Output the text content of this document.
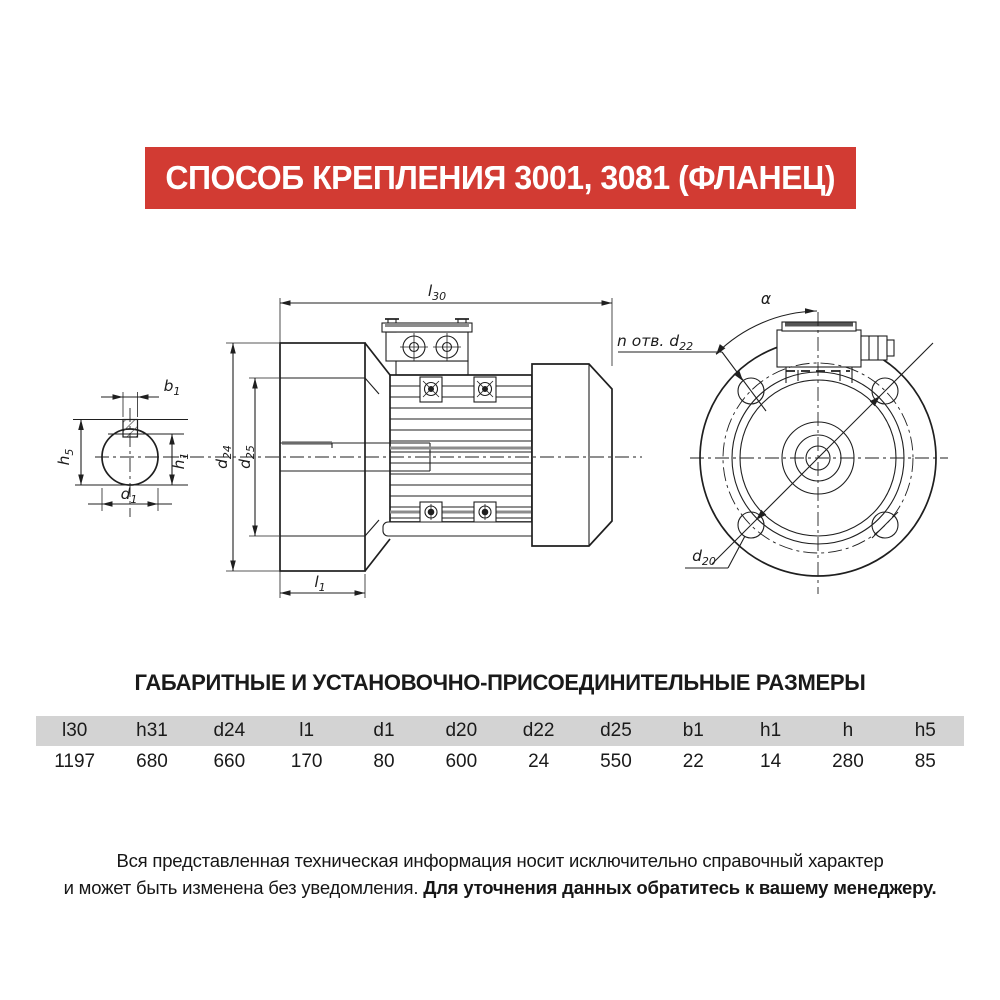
СПОСОБ КРЕПЛЕНИЯ 3001, 3081 (ФЛАНЕЦ)
$b_1$
$h_5$
$h_1$
$d_1$
$l_{30}$
$d_{24}$
$d_{25}$
$l_1$
α
n отв. $d_{22}$
$d_{20}$
ГАБАРИТНЫЕ И УСТАНОВОЧНО-ПРИСОЕДИНИТЕЛЬНЫЕ РАЗМЕРЫ
l30	h31	d24	l1	d1	d20	d22	d25	b1	h1	h	h5
1197	680	660	170	80	600	24	550	22	14	280	85
Вся представленная техническая информация носит исключительно справочный характер
и может быть изменена без уведомления. Для уточнения данных обратитесь к вашему менеджеру.
